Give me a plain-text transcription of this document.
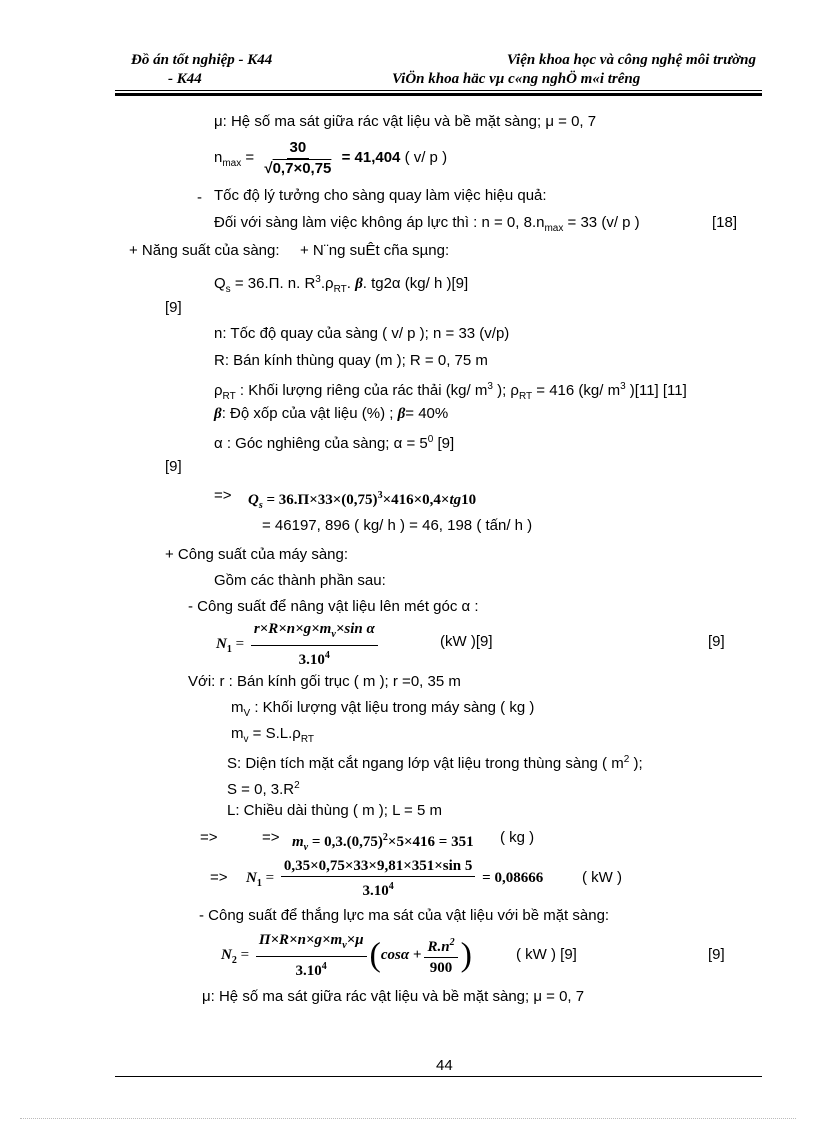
Đồ án tốt nghiệp - K44
- K44
Viện khoa học và công nghệ môi trường
ViÖn khoa häc vµ c«ng nghÖ m«i trêng
μ: Hệ số ma sát giữa rác vật liệu và bề mặt sàng; μ = 0, 7
$n_{max} = \frac{30}{√0,7\times 0,75} = 41,404$ ( v/ p )
- Tốc độ lý tưởng cho sàng quay làm việc hiệu quả:
Đối với sàng làm việc không áp lực thì : n = 0, $8.n_{max} = 33$ (v/ p )	[18]
+ Năng suất của sàng: + N¨ng suÊt cña sµng:
$Q_s = 36.\Pi$. n. $R^3.\rho_{RT}$. β. tg2α (kg/ h )[9]
[9]
n: Tốc độ quay của sàng ( v/ p ); n = 33 (v/p)
R: Bán kính thùng quay (m ); R = 0, 75 m
$\rho_{RT}$ : Khối lượng riêng của rác thải (kg/ $m^3$ ); $\rho_{RT} = 416$ (kg/ $m^3$ )[11] [11]
β: Độ xốp của vật liệu (%) ; β= 40%
α : Góc nghiêng của sàng; $\alpha = 5^0$ [9]
[9]
=> $Q_s = 36.\Pi\times 33\times(0,75)^3\times 416\times 0,4\times tg10$
= 46197, 896 ( kg/ h ) = 46, 198 ( tấn/ h )
+ Công suất của máy sàng:
Gồm các thành phần sau:
- Công suất để nâng vật liệu lên mét góc α :
$N_1 = \frac{r\times R\times n\times g\times m_v\times\sin \alpha}{3.10^4}$	(kW )[9]	[9]
Với: r : Bán kính gối trục ( m ); r =0, 35 m
$m_V$ : Khối lượng vật liệu trong máy sàng ( kg )
$m_v = S.L.\rho_{RT}$
S: Diện tích mặt cắt ngang lớp vật liệu trong thùng sàng ( $m^2$ );
S = 0, $3.R^2$
L: Chiều dài thùng ( m ); L = 5 m
=>	=> $m_v = 0,3.(0,75)^2\times 5\times 416 = 351$ ( kg )
=> $N_1 = \frac{0,35\times 0,75\times 33\times 9,81\times 351\times\sin 5}{3.10^4} = 0,08666$	( kW )
- Công suất để thắng lực ma sát của vật liệu với bề mặt sàng:
$N_2 = \frac{\Pi\times R\times n\times g\times m_v\times\mu}{3.10^4} (\cos\alpha + \frac{R.n^2}{900}$ )	( kW ) [9]	[9]
μ: Hệ số ma sát giữa rác vật liệu và bề mặt sàng; μ = 0, 7
44
